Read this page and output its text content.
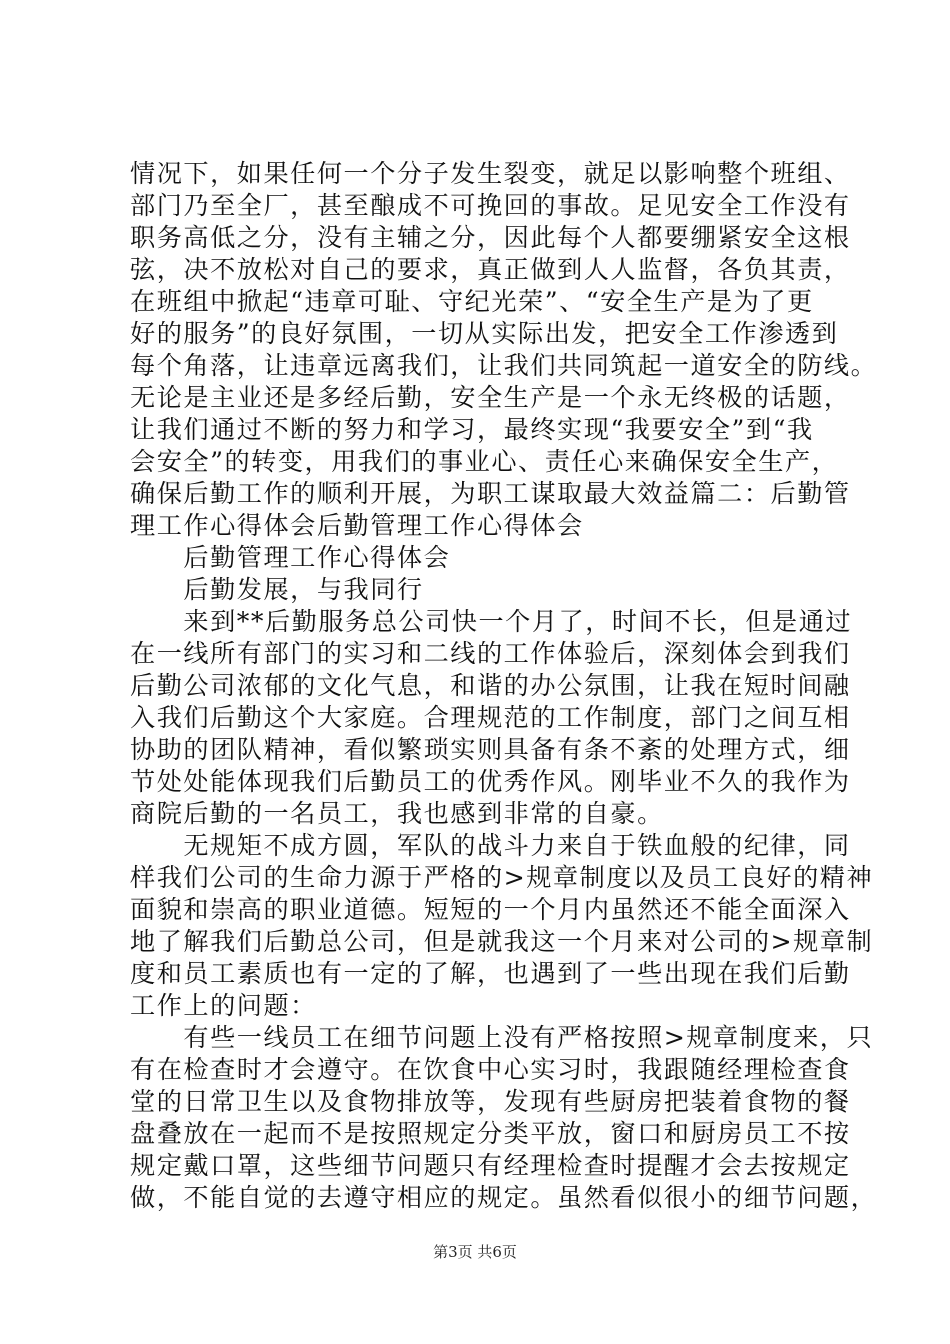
情况下，如果任何一个分子发生裂变，就足以影响整个班组、
部门乃至全厂，甚至酿成不可挽回的事故。足见安全工作没有
职务高低之分，没有主辅之分，因此每个人都要绷紧安全这根
弦，决不放松对自己的要求，真正做到人人监督，各负其责，
在班组中掀起“违章可耻、守纪光荣”、“安全生产是为了更
好的服务”的良好氛围，一切从实际出发，把安全工作渗透到
每个角落，让违章远离我们，让我们共同筑起一道安全的防线。
无论是主业还是多经后勤，安全生产是一个永无终极的话题，
让我们通过不断的努力和学习，最终实现“我要安全”到“我
会安全”的转变，用我们的事业心、责任心来确保安全生产，
确保后勤工作的顺利开展，为职工谋取最大效益篇二：后勤管
理工作心得体会后勤管理工作心得体会
　　后勤管理工作心得体会
　　后勤发展，与我同行
　　来到**后勤服务总公司快一个月了，时间不长，但是通过
在一线所有部门的实习和二线的工作体验后，深刻体会到我们
后勤公司浓郁的文化气息，和谐的办公氛围，让我在短时间融
入我们后勤这个大家庭。合理规范的工作制度，部门之间互相
协助的团队精神，看似繁琐实则具备有条不紊的处理方式，细
节处处能体现我们后勤员工的优秀作风。刚毕业不久的我作为
商院后勤的一名员工，我也感到非常的自豪。
　　无规矩不成方圆，军队的战斗力来自于铁血般的纪律，同
样我们公司的生命力源于严格的>规章制度以及员工良好的精神
面貌和崇高的职业道德。短短的一个月内虽然还不能全面深入
地了解我们后勤总公司，但是就我这一个月来对公司的>规章制
度和员工素质也有一定的了解，也遇到了一些出现在我们后勤
工作上的问题：
　　有些一线员工在细节问题上没有严格按照>规章制度来，只
有在检查时才会遵守。在饮食中心实习时，我跟随经理检查食
堂的日常卫生以及食物排放等，发现有些厨房把装着食物的餐
盘叠放在一起而不是按照规定分类平放，窗口和厨房员工不按
规定戴口罩，这些细节问题只有经理检查时提醒才会去按规定
做，不能自觉的去遵守相应的规定。虽然看似很小的细节问题，
第3页 共6页
